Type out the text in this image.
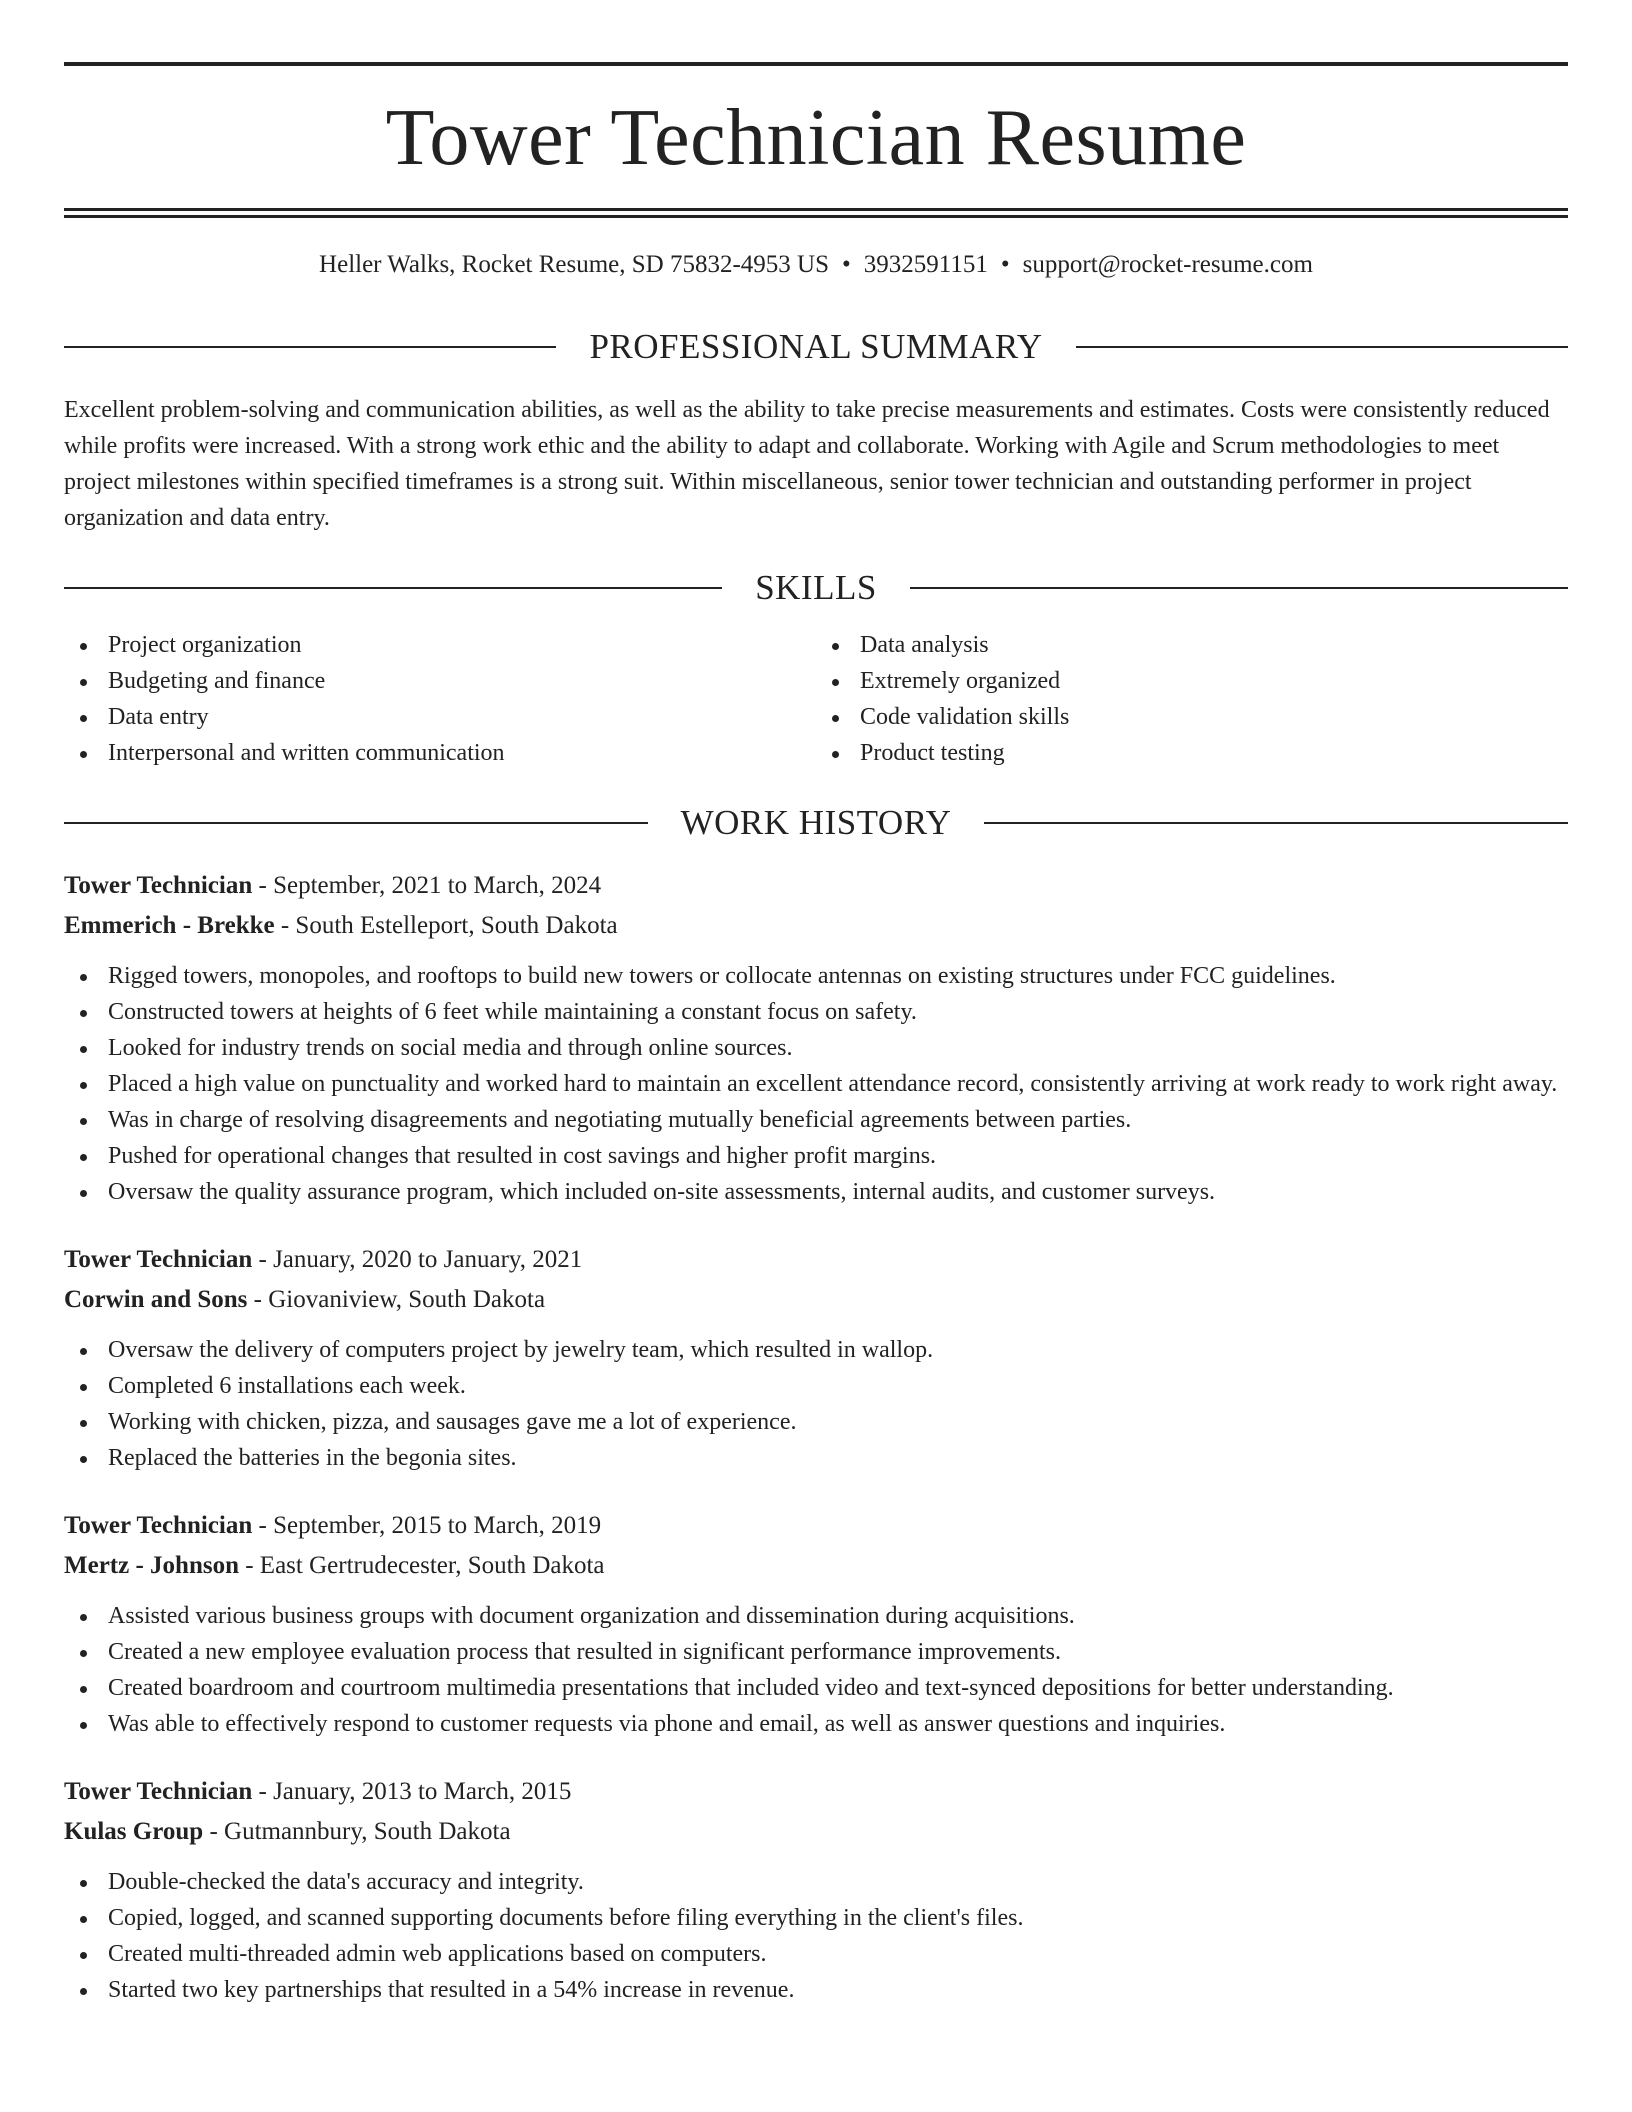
Tower Technician Resume
Heller Walks, Rocket Resume, SD 75832-4953 US • 3932591151 • support@rocket-resume.com
PROFESSIONAL SUMMARY
Excellent problem-solving and communication abilities, as well as the ability to take precise measurements and estimates. Costs were consistently reduced while profits were increased. With a strong work ethic and the ability to adapt and collaborate. Working with Agile and Scrum methodologies to meet project milestones within specified timeframes is a strong suit. Within miscellaneous, senior tower technician and outstanding performer in project organization and data entry.
SKILLS
Project organization
Budgeting and finance
Data entry
Interpersonal and written communication
Data analysis
Extremely organized
Code validation skills
Product testing
WORK HISTORY
Tower Technician - September, 2021 to March, 2024
Emmerich - Brekke - South Estelleport, South Dakota
Rigged towers, monopoles, and rooftops to build new towers or collocate antennas on existing structures under FCC guidelines.
Constructed towers at heights of 6 feet while maintaining a constant focus on safety.
Looked for industry trends on social media and through online sources.
Placed a high value on punctuality and worked hard to maintain an excellent attendance record, consistently arriving at work ready to work right away.
Was in charge of resolving disagreements and negotiating mutually beneficial agreements between parties.
Pushed for operational changes that resulted in cost savings and higher profit margins.
Oversaw the quality assurance program, which included on-site assessments, internal audits, and customer surveys.
Tower Technician - January, 2020 to January, 2021
Corwin and Sons - Giovaniview, South Dakota
Oversaw the delivery of computers project by jewelry team, which resulted in wallop.
Completed 6 installations each week.
Working with chicken, pizza, and sausages gave me a lot of experience.
Replaced the batteries in the begonia sites.
Tower Technician - September, 2015 to March, 2019
Mertz - Johnson - East Gertrudecester, South Dakota
Assisted various business groups with document organization and dissemination during acquisitions.
Created a new employee evaluation process that resulted in significant performance improvements.
Created boardroom and courtroom multimedia presentations that included video and text-synced depositions for better understanding.
Was able to effectively respond to customer requests via phone and email, as well as answer questions and inquiries.
Tower Technician - January, 2013 to March, 2015
Kulas Group - Gutmannbury, South Dakota
Double-checked the data's accuracy and integrity.
Copied, logged, and scanned supporting documents before filing everything in the client's files.
Created multi-threaded admin web applications based on computers.
Started two key partnerships that resulted in a 54% increase in revenue.
